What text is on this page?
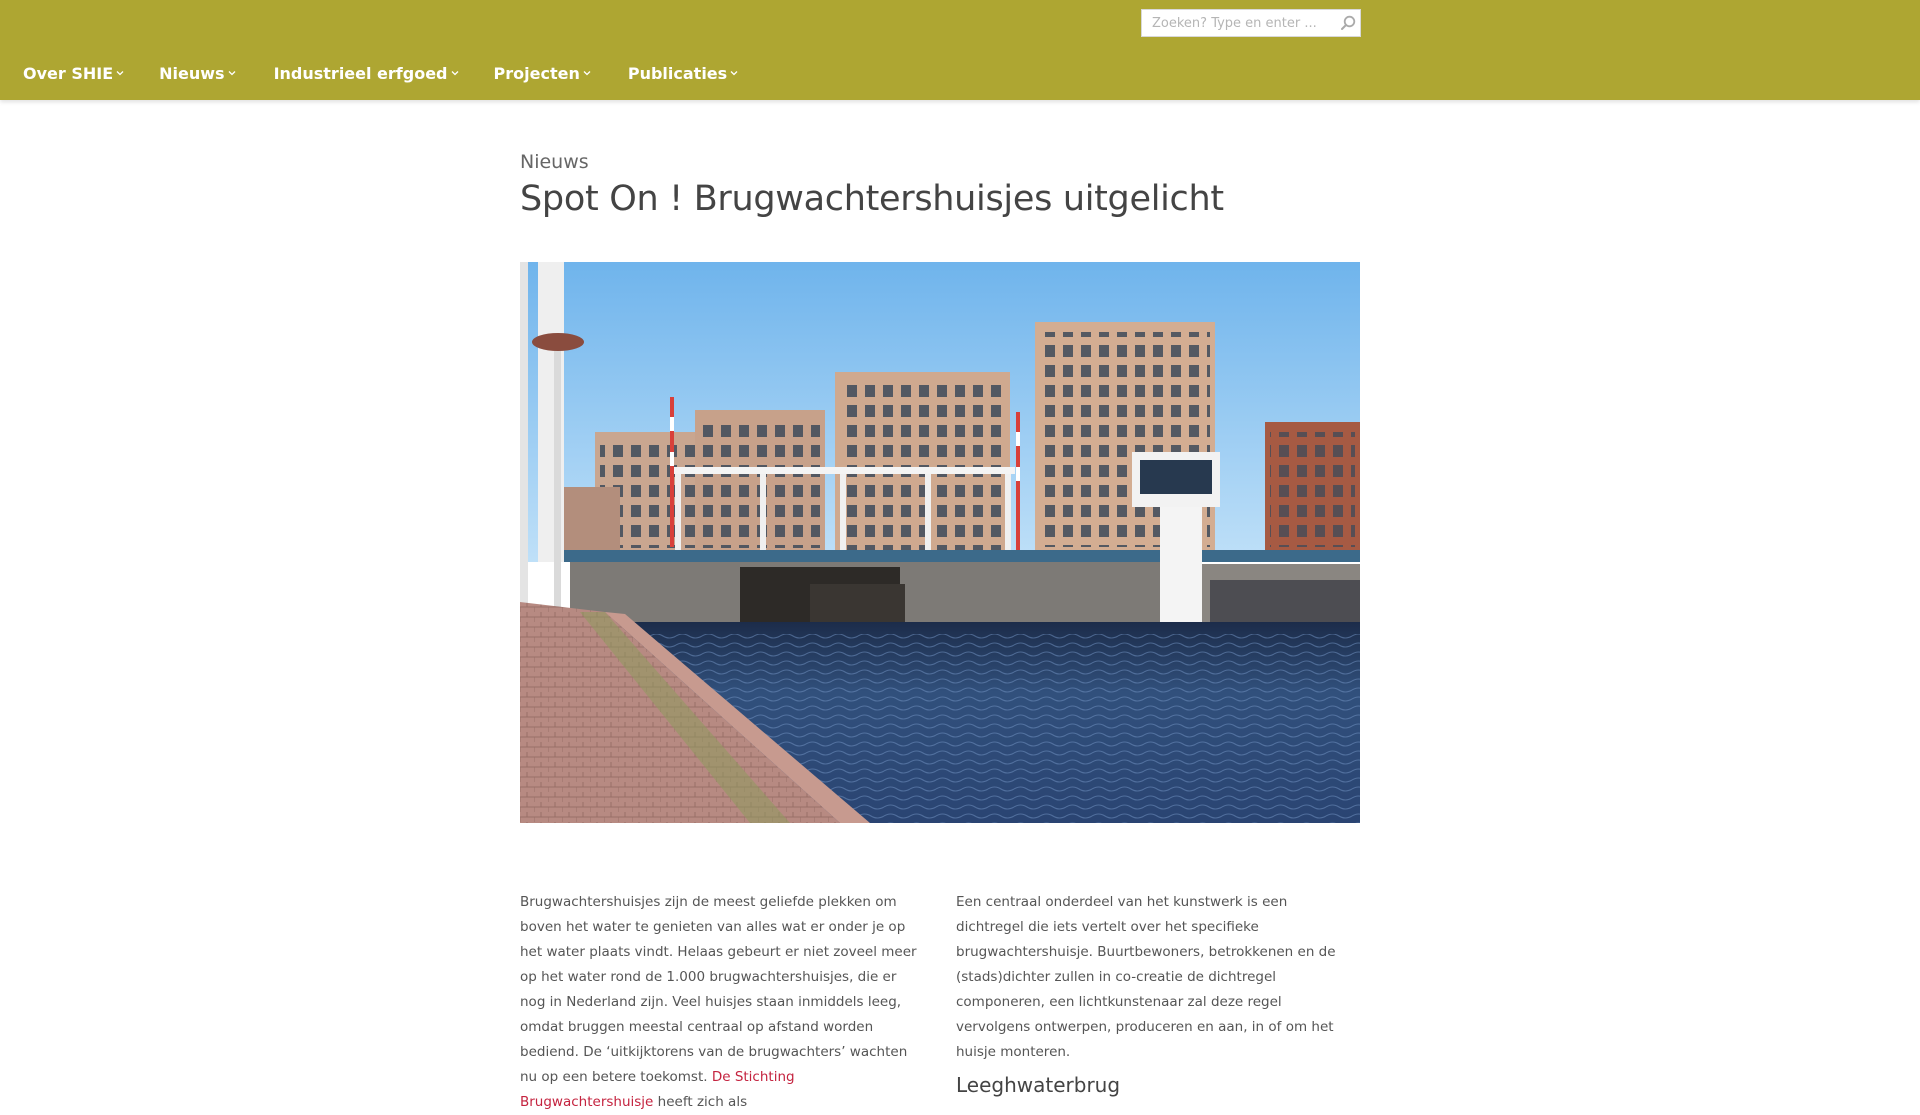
Zoeken? Type en enter ...
Over SHIE	Nieuws	Industrieel erfgoed	Projecten	Publicaties
Nieuws
Spot On ! Brugwachtershuisjes uitgelicht

Brugwachtershuisjes zijn de meest geliefde plekken om boven het water te genieten van alles wat er onder je op het water plaats vindt. Helaas gebeurt er niet zoveel meer op het water rond de 1.000 brugwachtershuisjes, die er nog in Nederland zijn. Veel huisjes staan inmiddels leeg, omdat bruggen meestal centraal op afstand worden bediend. De ‘uitkijktorens van de brugwachters’ wachten nu op een betere toekomst. De Stichting Brugwachtershuisje heeft zich als

Een centraal onderdeel van het kunstwerk is een dichtregel die iets vertelt over het specifieke brugwachtershuisje. Buurtbewoners, betrokkenen en de (stads)dichter zullen in co-creatie de dichtregel componeren, een lichtkunstenaar zal deze regel vervolgens ontwerpen, produceren en aan, in of om het huisje monteren.

Leeghwaterbrug
